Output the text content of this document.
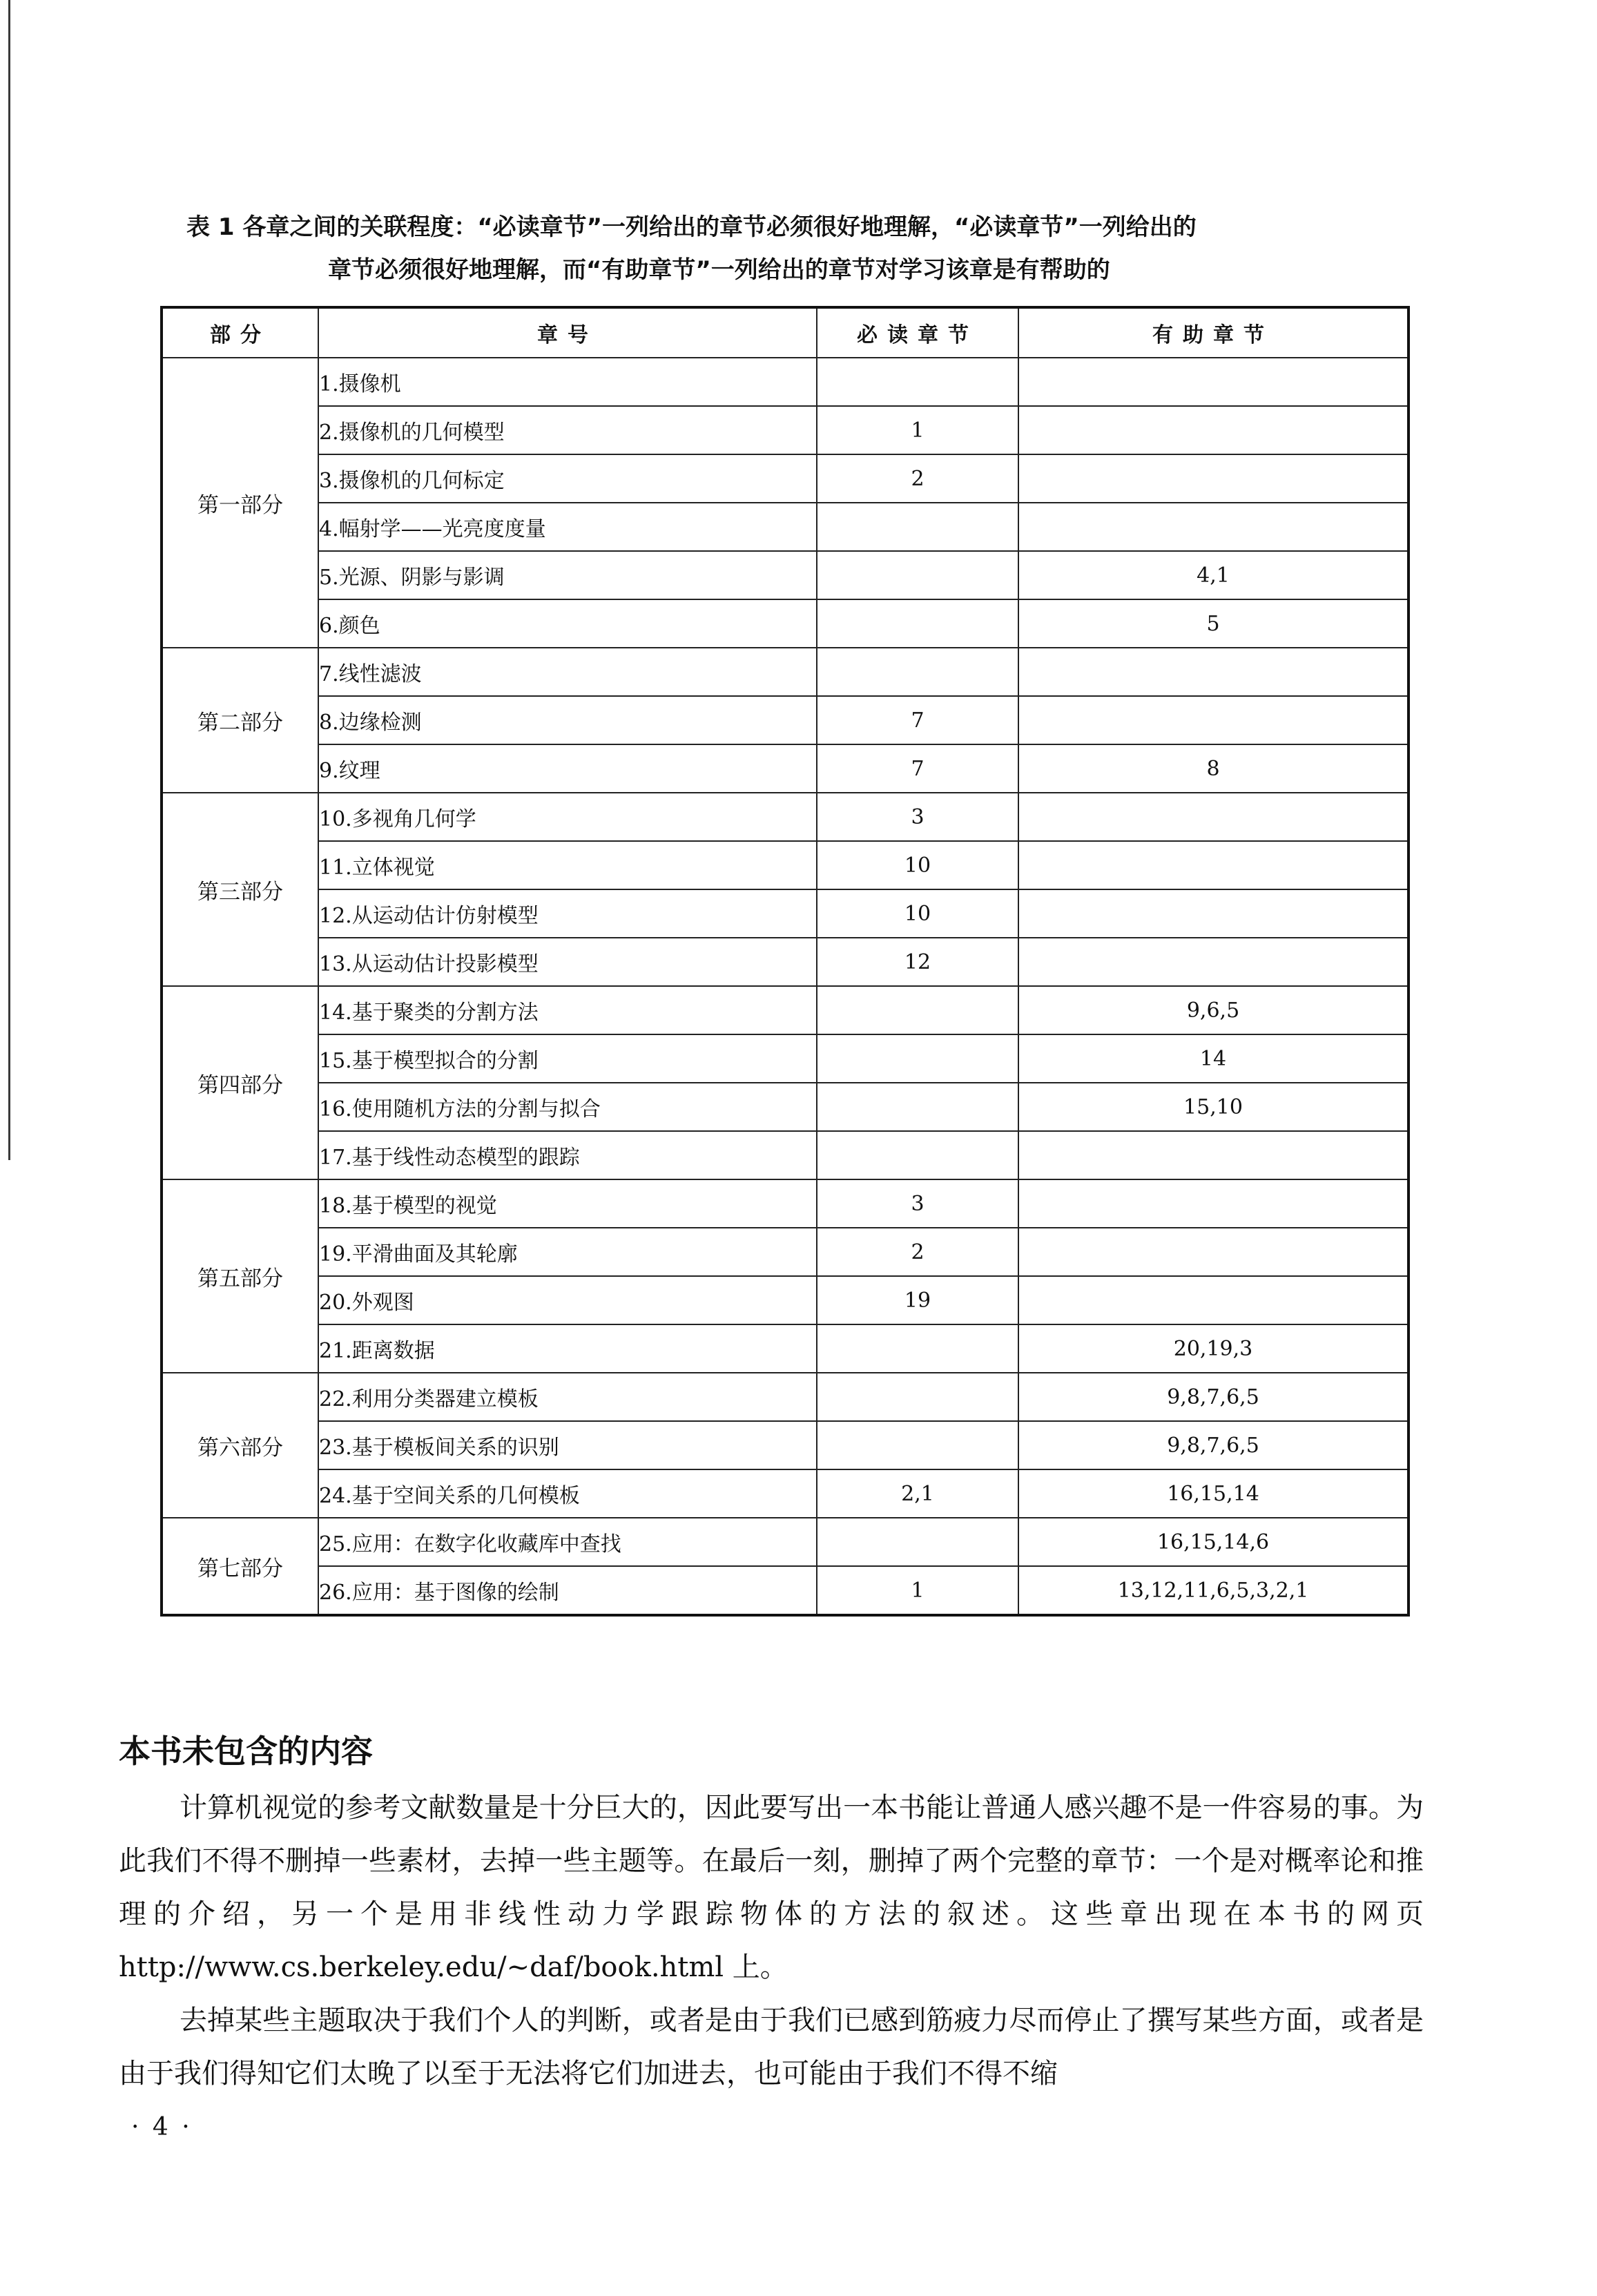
表 1 各章之间的关联程度：“必读章节”一列给出的章节必须很好地理解，“必读章节”一列给出的
章节必须很好地理解，而“有助章节”一列给出的章节对学习该章是有帮助的
部分	章号	必读章节	有助章节
第一部分	1.摄像机		
	2.摄像机的几何模型	1	
	3.摄像机的几何标定	2	
	4.幅射学——光亮度度量		
	5.光源、阴影与影调		4,1
	6.颜色		5
第二部分	7.线性滤波		
	8.边缘检测	7	
	9.纹理	7	8
第三部分	10.多视角几何学	3	
	11.立体视觉	10	
	12.从运动估计仿射模型	10	
	13.从运动估计投影模型	12	
第四部分	14.基于聚类的分割方法		9,6,5
	15.基于模型拟合的分割		14
	16.使用随机方法的分割与拟合		15,10
	17.基于线性动态模型的跟踪		
第五部分	18.基于模型的视觉	3	
	19.平滑曲面及其轮廓	2	
	20.外观图	19	
	21.距离数据		20,19,3
第六部分	22.利用分类器建立模板		9,8,7,6,5
	23.基于模板间关系的识别		9,8,7,6,5
	24.基于空间关系的几何模板	2,1	16,15,14
第七部分	25.应用：在数字化收藏库中查找		16,15,14,6
	26.应用：基于图像的绘制	1	13,12,11,6,5,3,2,1
本书未包含的内容

计算机视觉的参考文献数量是十分巨大的，因此要写出一本书能让普通人感兴趣不是一件容易的事。为此我们不得不删掉一些素材，去掉一些主题等。在最后一刻，删掉了两个完整的章节：一个是对概率论和推理的介绍，另一个是用非线性动力学跟踪物体的方法的叙述。这些章出现在本书的网页 http://www.cs.berkeley.edu/~daf/book.html 上。

去掉某些主题取决于我们个人的判断，或者是由于我们已感到筋疲力尽而停止了撰写某些方面，或者是由于我们得知它们太晚了以至于无法将它们加进去，也可能由于我们不得不缩

· 4 ·
